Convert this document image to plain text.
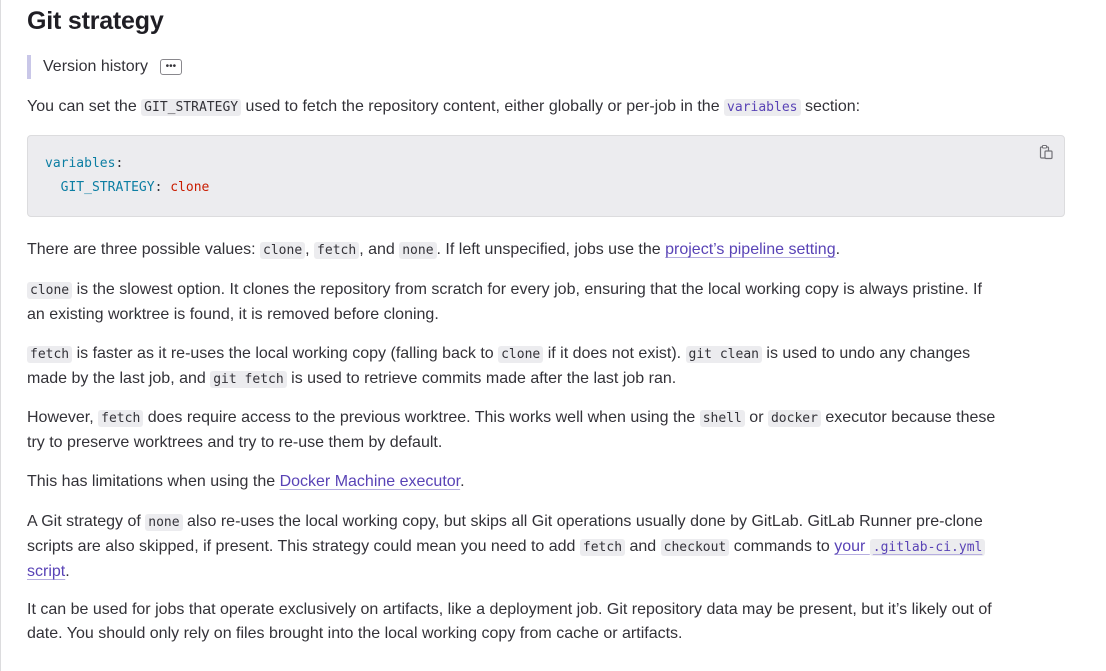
Git strategy
Version history	•••

You can set the GIT_STRATEGY used to fetch the repository content, either globally or per-job in the variables section:

variables:
GIT_STRATEGY: clone

There are three possible values: clone , fetch , and none . If left unspecified, jobs use the project’s pipeline setting.

clone is the slowest option. It clones the repository from scratch for every job, ensuring that the local working copy is always pristine. If
an existing worktree is found, it is removed before cloning.

fetch is faster as it re-uses the local working copy (falling back to clone if it does not exist). git clean is used to undo any changes
made by the last job, and git fetch is used to retrieve commits made after the last job ran.

However, fetch does require access to the previous worktree. This works well when using the shell or docker executor because these
try to preserve worktrees and try to re-use them by default.

This has limitations when using the Docker Machine executor.

A Git strategy of none also re-uses the local working copy, but skips all Git operations usually done by GitLab. GitLab Runner pre-clone
scripts are also skipped, if present. This strategy could mean you need to add fetch and checkout commands to your .gitlab-ci.yml
script.

It can be used for jobs that operate exclusively on artifacts, like a deployment job. Git repository data may be present, but it’s likely out of
date. You should only rely on files brought into the local working copy from cache or artifacts.
